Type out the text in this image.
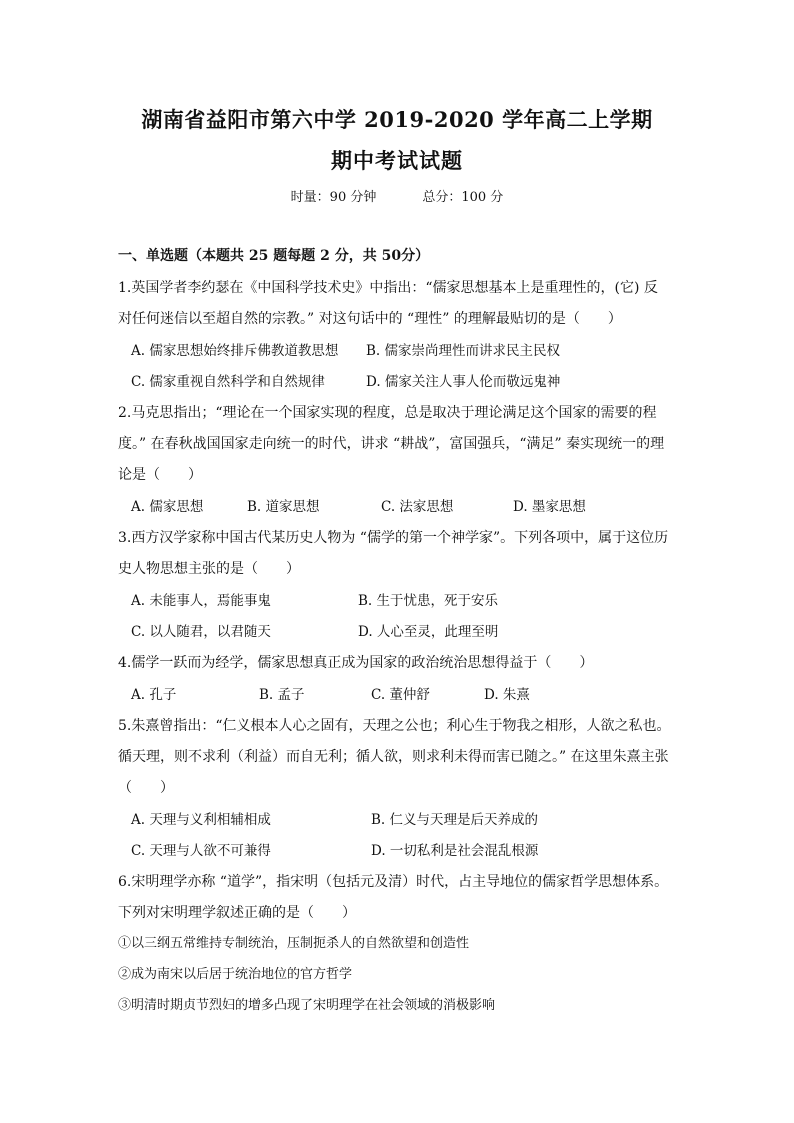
湖南省益阳市第六中学 2019-2020 学年高二上学期
期中考试试题
时量：90 分钟	总分：100 分
一、单选题（本题共 25 题每题 2 分，共 50分）
1.英国学者李约瑟在《中国科学技术史》中指出：“儒家思想基本上是重理性的，(它) 反
对任何迷信以至超自然的宗教。” 对这句话中的 “理性” 的理解最贴切的是（　　）
A. 儒家思想始终排斥佛教道教思想 B. 儒家崇尚理性而讲求民主民权
C. 儒家重视自然科学和自然规律	D. 儒家关注人事人伦而敬远鬼神
2.马克思指出；“理论在一个国家实现的程度，总是取决于理论满足这个国家的需要的程
度。” 在春秋战国国家走向统一的时代，讲求 “耕战”，富国强兵，“满足” 秦实现统一的理
论是（　　）
A. 儒家思想	B. 道家思想	C. 法家思想	D. 墨家思想
3.西方汉学家称中国古代某历史人物为 “儒学的第一个神学家”。下列各项中，属于这位历
史人物思想主张的是（　　）
A. 未能事人，焉能事鬼	B. 生于忧患，死于安乐
C. 以人随君，以君随天	D. 人心至灵，此理至明
4.儒学一跃而为经学，儒家思想真正成为国家的政治统治思想得益于（　　）
A. 孔子	B. 孟子	C. 董仲舒	D. 朱熹
5.朱熹曾指出：“仁义根本人心之固有，天理之公也；利心生于物我之相形，人欲之私也。
循天理，则不求利（利益）而自无利；循人欲，则求利未得而害已随之。” 在这里朱熹主张
（　　）
A. 天理与义利相辅相成	B. 仁义与天理是后天养成的
C. 天理与人欲不可兼得	D. 一切私利是社会混乱根源
6.宋明理学亦称 “道学”，指宋明（包括元及清）时代，占主导地位的儒家哲学思想体系。
下列对宋明理学叙述正确的是（　　）
①以三纲五常维持专制统治，压制扼杀人的自然欲望和创造性
②成为南宋以后居于统治地位的官方哲学
③明清时期贞节烈妇的增多凸现了宋明理学在社会领域的消极影响
